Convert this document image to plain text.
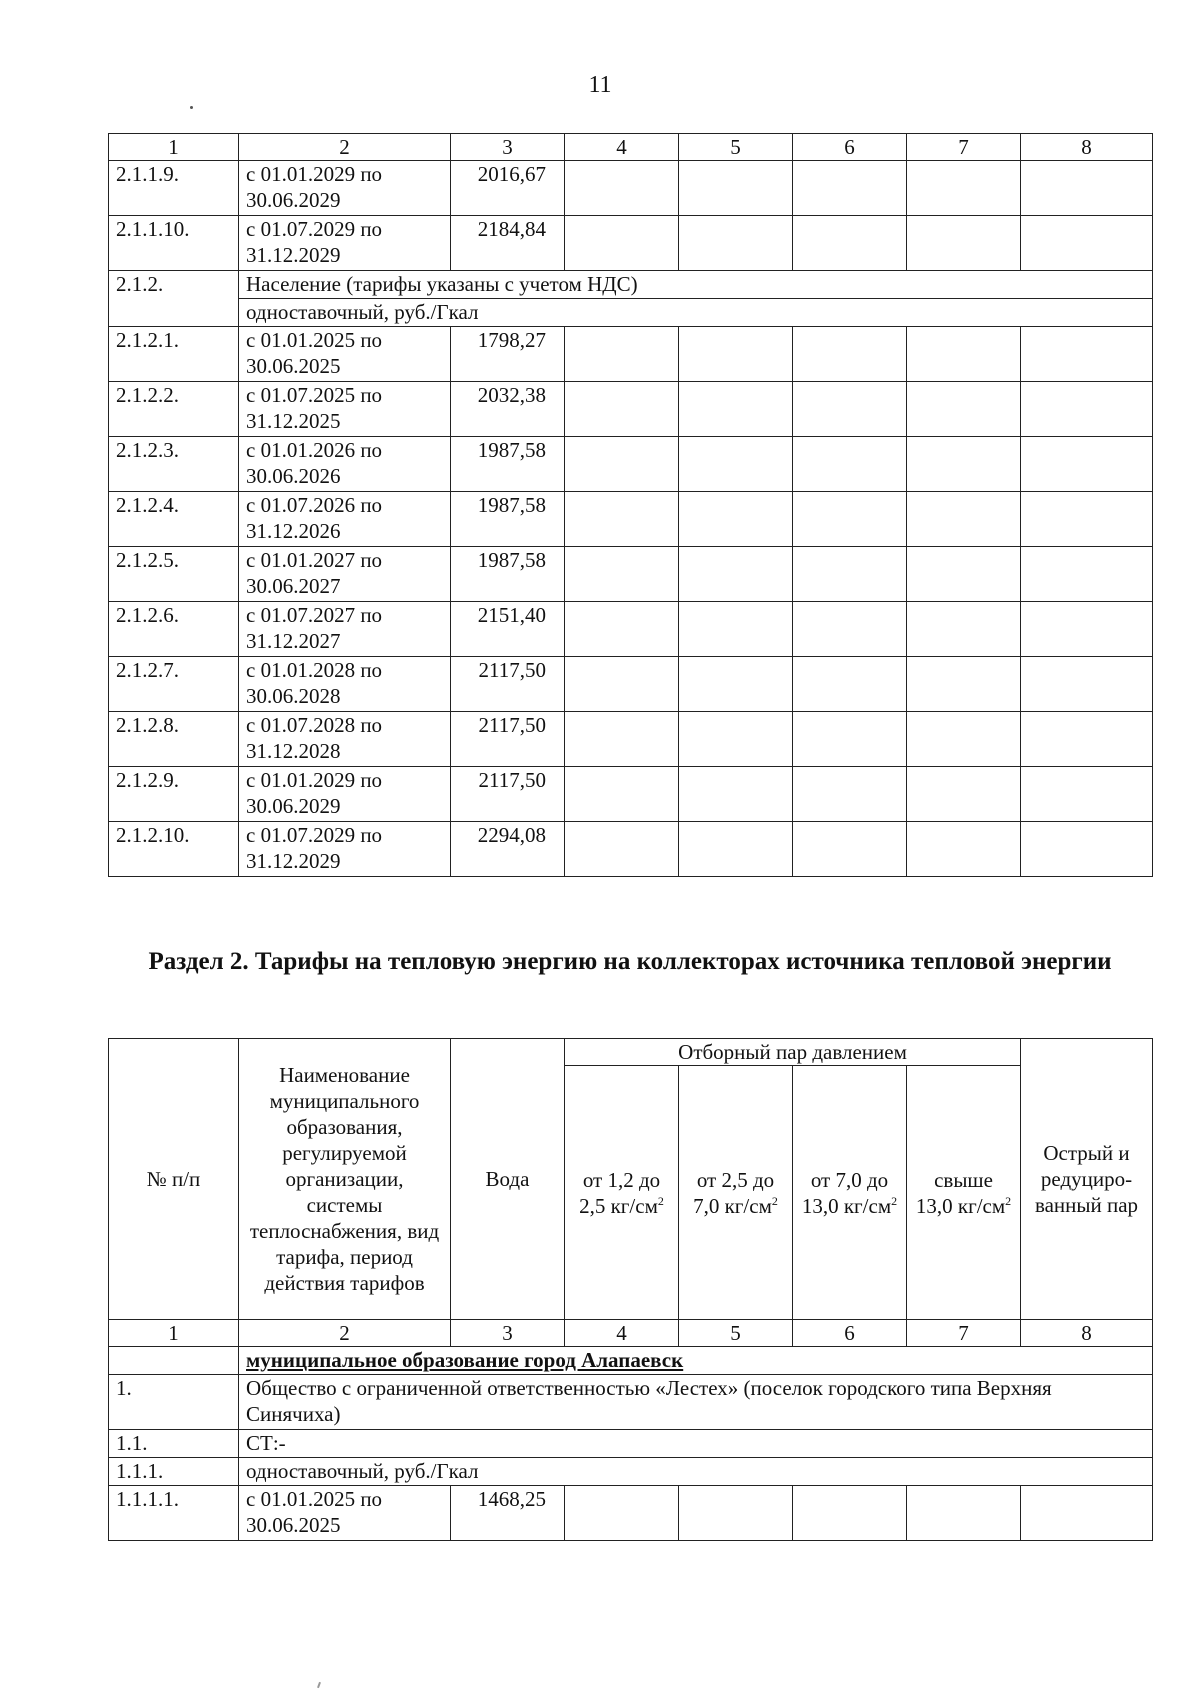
11
1	2	3	4	5	6	7	8
2.1.1.9.	с 01.01.2029 по 30.06.2029	2016,67					
2.1.1.10.	с 01.07.2029 по 31.12.2029	2184,84					
2.1.2.	Население (тарифы указаны с учетом НДС)						
	одноставочный, руб./Гкал						
2.1.2.1.	с 01.01.2025 по 30.06.2025	1798,27					
2.1.2.2.	с 01.07.2025 по 31.12.2025	2032,38					
2.1.2.3.	с 01.01.2026 по 30.06.2026	1987,58					
2.1.2.4.	с 01.07.2026 по 31.12.2026	1987,58					
2.1.2.5.	с 01.01.2027 по 30.06.2027	1987,58					
2.1.2.6.	с 01.07.2027 по 31.12.2027	2151,40					
2.1.2.7.	с 01.01.2028 по 30.06.2028	2117,50					
2.1.2.8.	с 01.07.2028 по 31.12.2028	2117,50					
2.1.2.9.	с 01.01.2029 по 30.06.2029	2117,50					
2.1.2.10.	с 01.07.2029 по 31.12.2029	2294,08					
Раздел 2. Тарифы на тепловую энергию на коллекторах источника тепловой энергии
№ п/п	Наименование муниципального образования, регулируемой организации, системы теплоснабжения, вид тарифа, период действия тарифов	Вода	Отборный пар давлением				Острый и редуциро-ванный пар
			от 1,2 до 2,5 $кг/см^2$	от 2,5 до 7,0 $кг/см^2$	от 7,0 до 13,0 $кг/см^2$	свыше 13,0 $кг/см^2$
1	2	3	4	5	6	7	8
	муниципальное образование город Алапаевск						
1.	Общество с ограниченной ответственностью «Лестех» (поселок городского типа Верхняя Синячиха)						
1.1.	СТ:-						
1.1.1.	одноставочный, руб./Гкал						
1.1.1.1.	с 01.01.2025 по 30.06.2025	1468,25					
